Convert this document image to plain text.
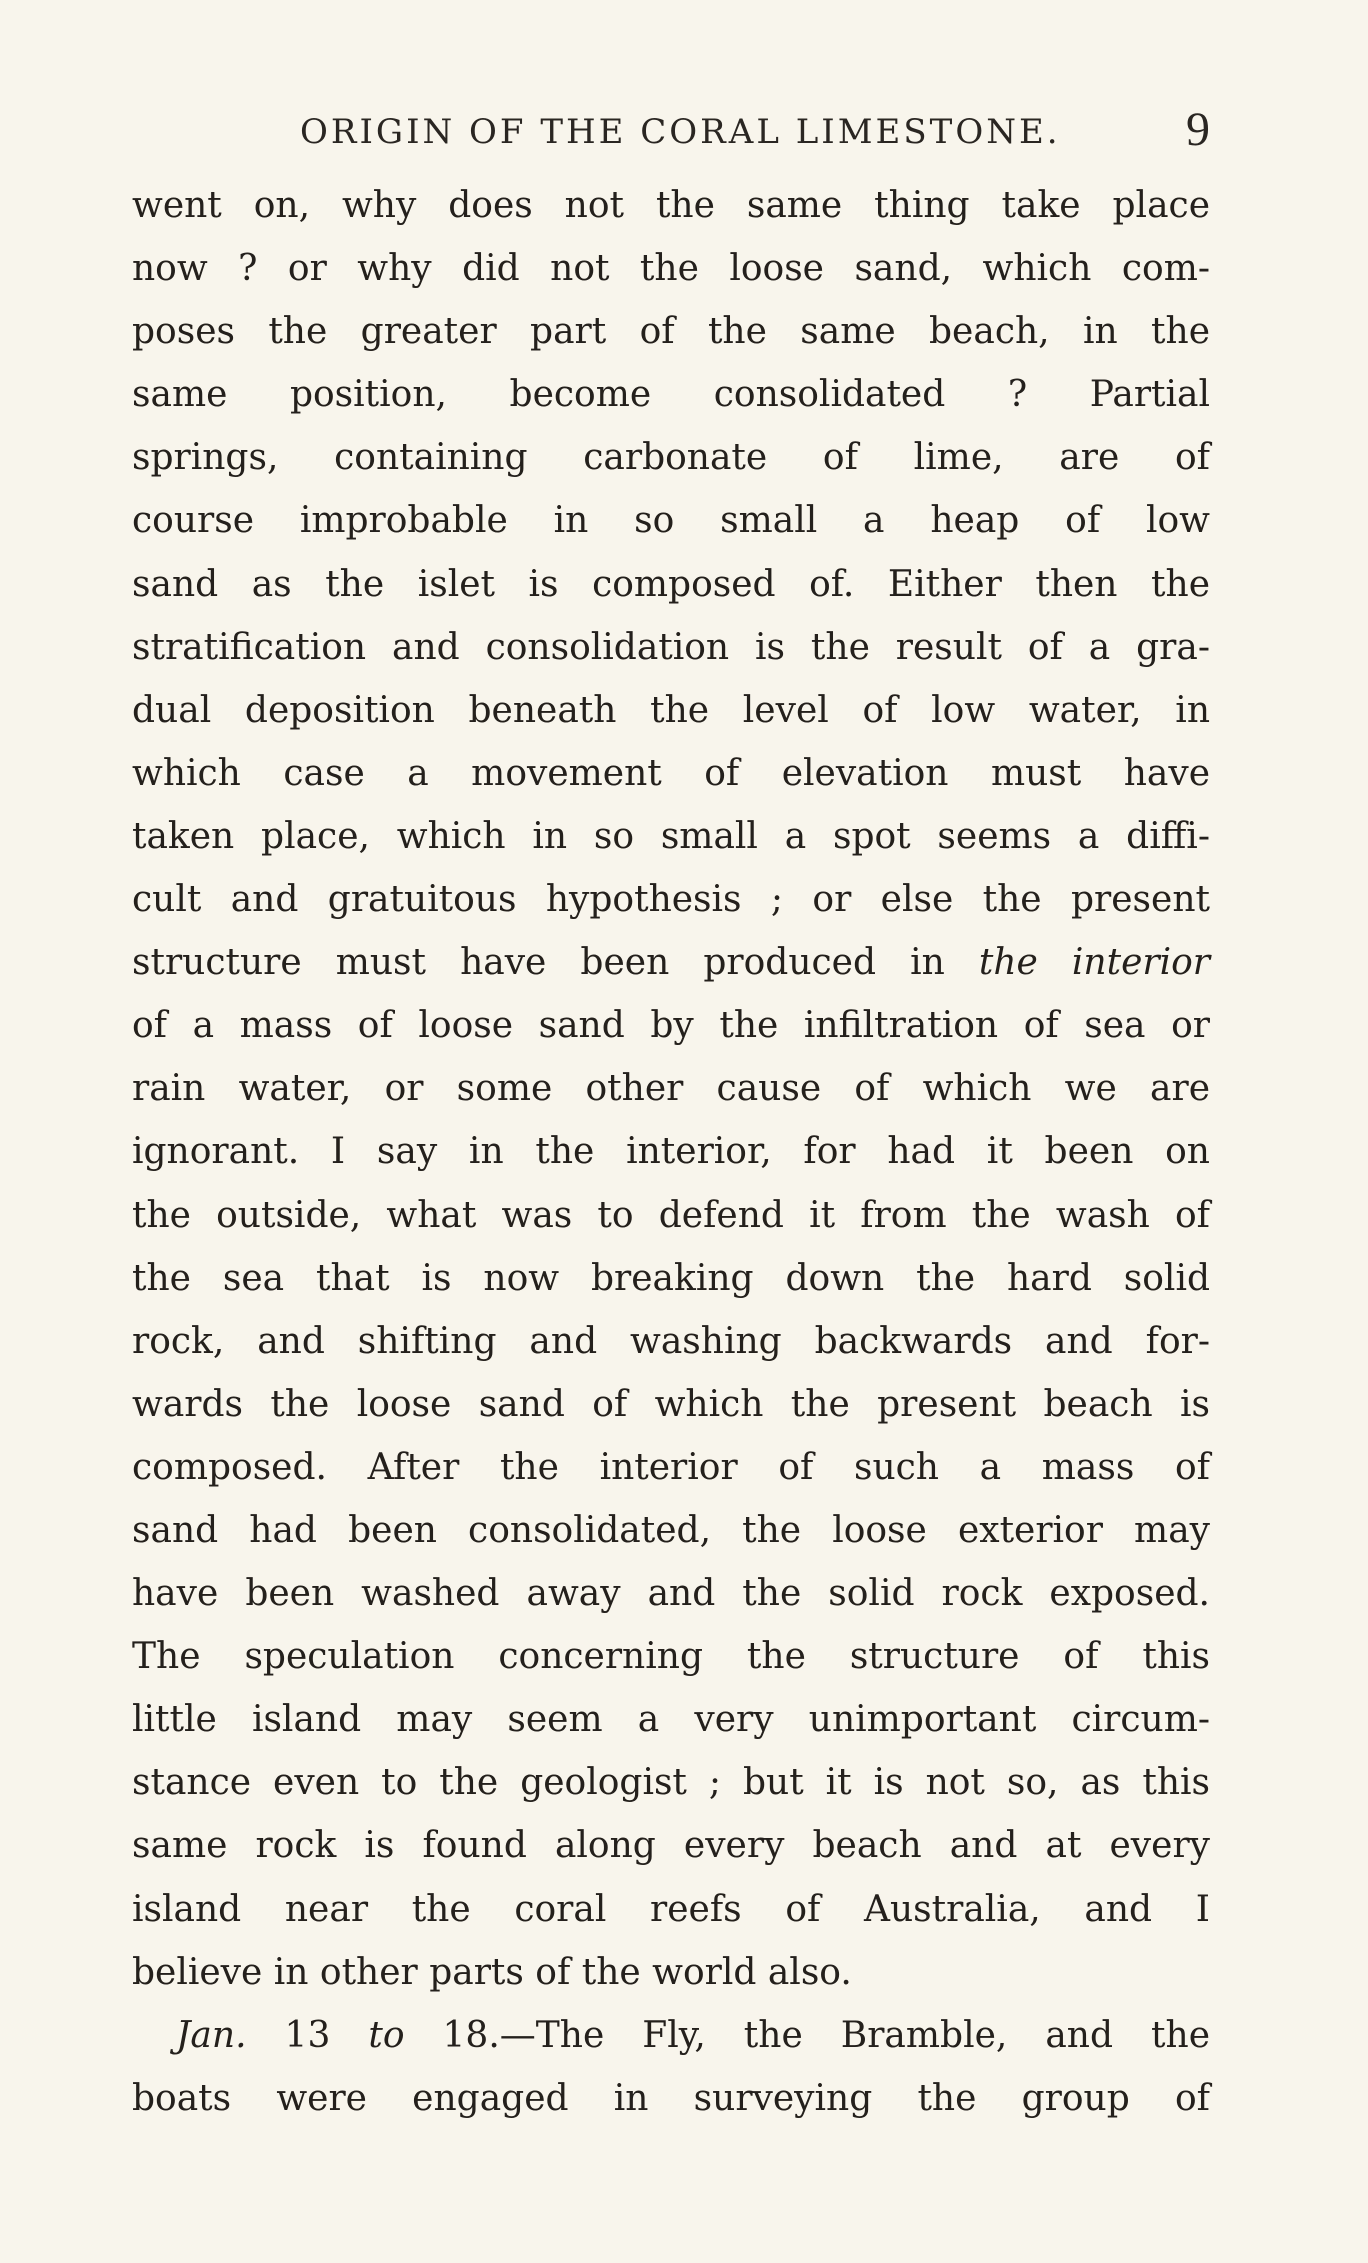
ORIGIN OF THE CORAL LIMESTONE.	9
went on, why does not the same thing take place
now ? or why did not the loose sand, which com-
poses the greater part of the same beach, in the
same position, become consolidated ? Partial
springs, containing carbonate of lime, are of
course improbable in so small a heap of low
sand as the islet is composed of. Either then the
stratification and consolidation is the result of a gra-
dual deposition beneath the level of low water, in
which case a movement of elevation must have
taken place, which in so small a spot seems a diffi-
cult and gratuitous hypothesis ; or else the present
structure must have been produced in the interior
of a mass of loose sand by the infiltration of sea or
rain water, or some other cause of which we are
ignorant. I say in the interior, for had it been on
the outside, what was to defend it from the wash of
the sea that is now breaking down the hard solid
rock, and shifting and washing backwards and for-
wards the loose sand of which the present beach is
composed. After the interior of such a mass of
sand had been consolidated, the loose exterior may
have been washed away and the solid rock exposed.
The speculation concerning the structure of this
little island may seem a very unimportant circum-
stance even to the geologist ; but it is not so, as this
same rock is found along every beach and at every
island near the coral reefs of Australia, and I
believe in other parts of the world also.
Jan. 13 to 18.—The Fly, the Bramble, and the
boats were engaged in surveying the group of
